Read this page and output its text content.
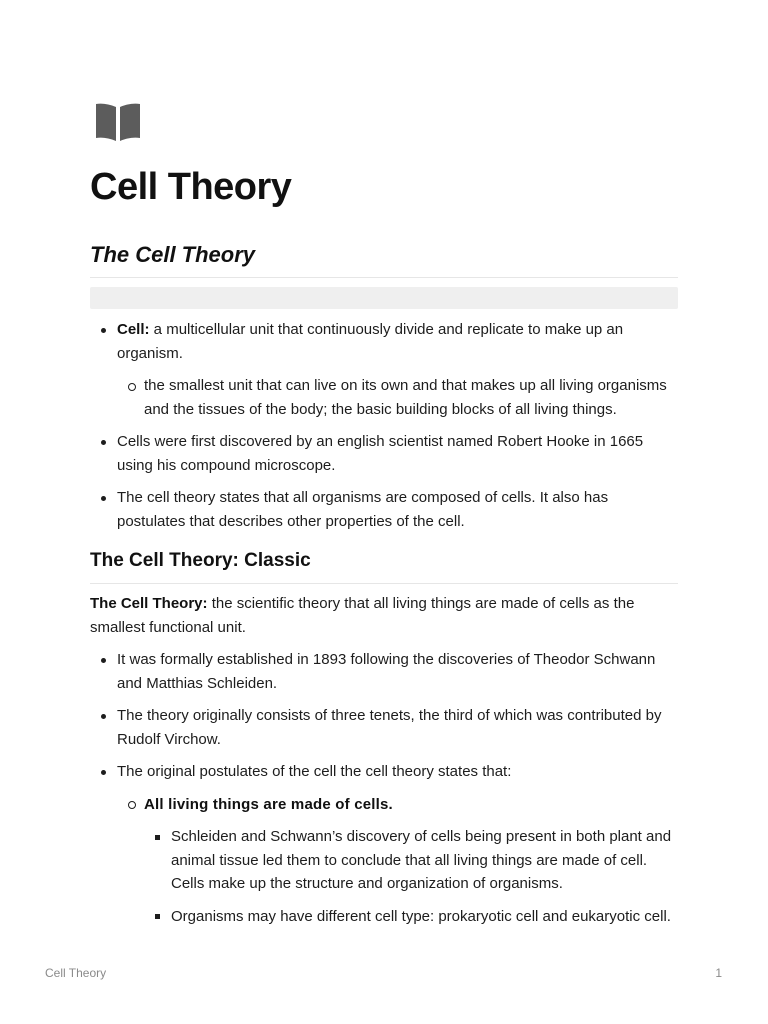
Cell Theory
The Cell Theory
Cell: a multicellular unit that continuously divide and replicate to make up an organism.
the smallest unit that can live on its own and that makes up all living organisms and the tissues of the body; the basic building blocks of all living things.
Cells were first discovered by an english scientist named Robert Hooke in 1665 using his compound microscope.
The cell theory states that all organisms are composed of cells. It also has postulates that describes other properties of the cell.
The Cell Theory: Classic

The Cell Theory: the scientific theory that all living things are made of cells as the smallest functional unit.

It was formally established in 1893 following the discoveries of Theodor Schwann and Matthias Schleiden.
The theory originally consists of three tenets, the third of which was contributed by Rudolf Virchow.
The original postulates of the cell the cell theory states that:
All living things are made of cells.
Schleiden and Schwann’s discovery of cells being present in both plant and animal tissue led them to conclude that all living things are made of cell. Cells make up the structure and organization of organisms.
Organisms may have different cell type: prokaryotic cell and eukaryotic cell.
Cell Theory	1
